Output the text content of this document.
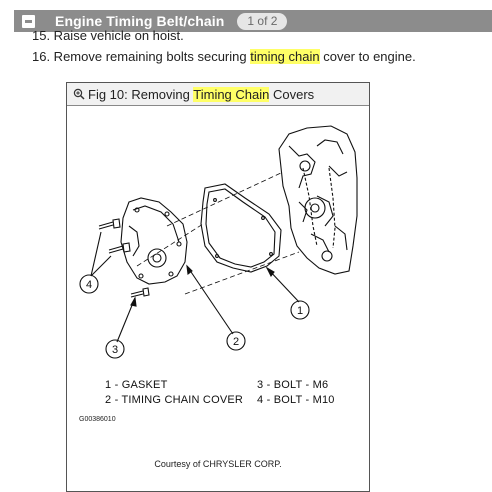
Engine Timing Belt/chain	1 of 2
15. Raise vehicle on hoist.
16. Remove remaining bolts securing timing chain cover to engine.
Fig 10: Removing Timing Chain Covers
1
2
3
4
1 - GASKET
2 - TIMING CHAIN COVER
3 - BOLT - M6
4 - BOLT - M10
G00386010
Courtesy of CHRYSLER CORP.
